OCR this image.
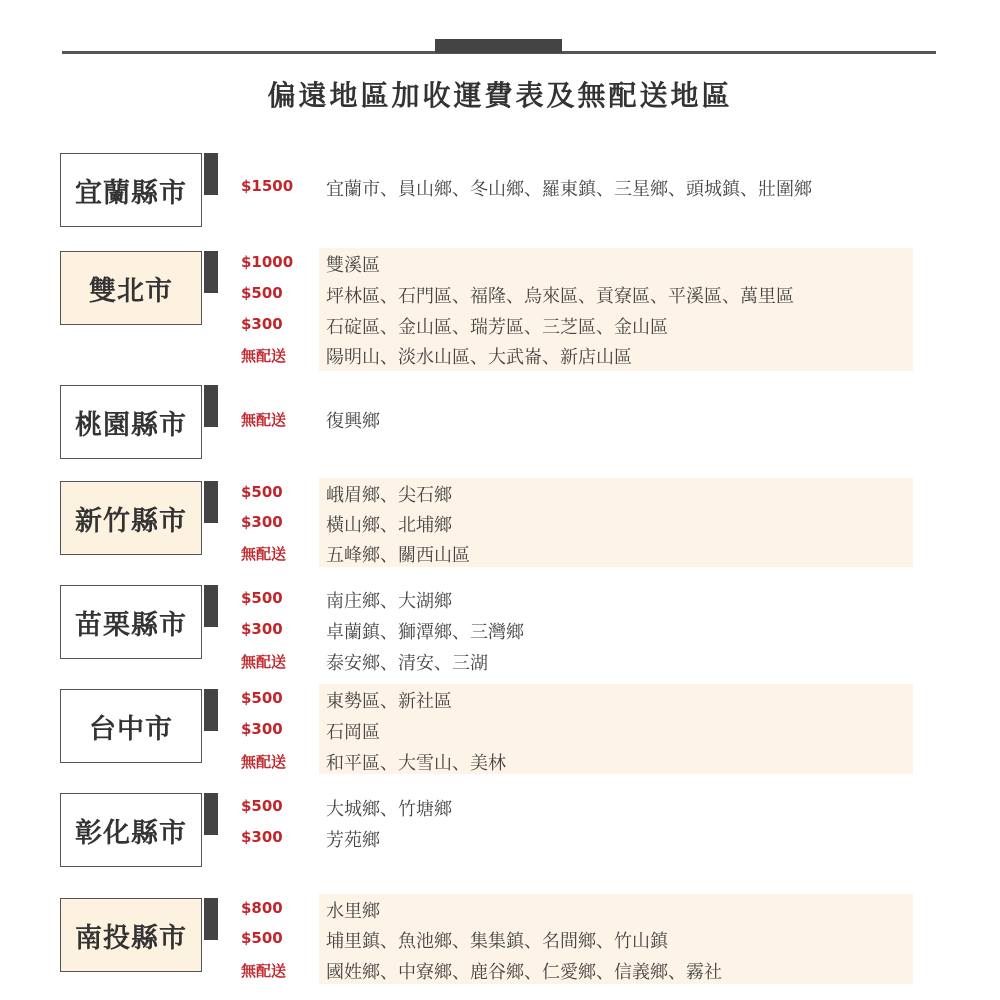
偏遠地區加收運費表及無配送地區
宜蘭縣市	$1500 宜蘭市、員山鄉、冬山鄉、羅東鎮、三星鄉、頭城鎮、壯圍鄉
雙北市
$1000 雙溪區
$500 坪林區、石門區、福隆、烏來區、貢寮區、平溪區、萬里區
$300 石碇區、金山區、瑞芳區、三芝區、金山區
無配送 陽明山、淡水山區、大武崙、新店山區
桃園縣市	無配送 復興鄉
新竹縣市
$500 峨眉鄉、尖石鄉
$300 橫山鄉、北埔鄉
無配送 五峰鄉、關西山區
苗栗縣市
$500 南庄鄉、大湖鄉
$300 卓蘭鎮、獅潭鄉、三灣鄉
無配送 泰安鄉、清安、三湖
台中市
$500 東勢區、新社區
$300 石岡區
無配送 和平區、大雪山、美林
彰化縣市
$500 大城鄉、竹塘鄉
$300 芳苑鄉
南投縣市
$800 水里鄉
$500 埔里鎮、魚池鄉、集集鎮、名間鄉、竹山鎮
無配送 國姓鄉、中寮鄉、鹿谷鄉、仁愛鄉、信義鄉、霧社
